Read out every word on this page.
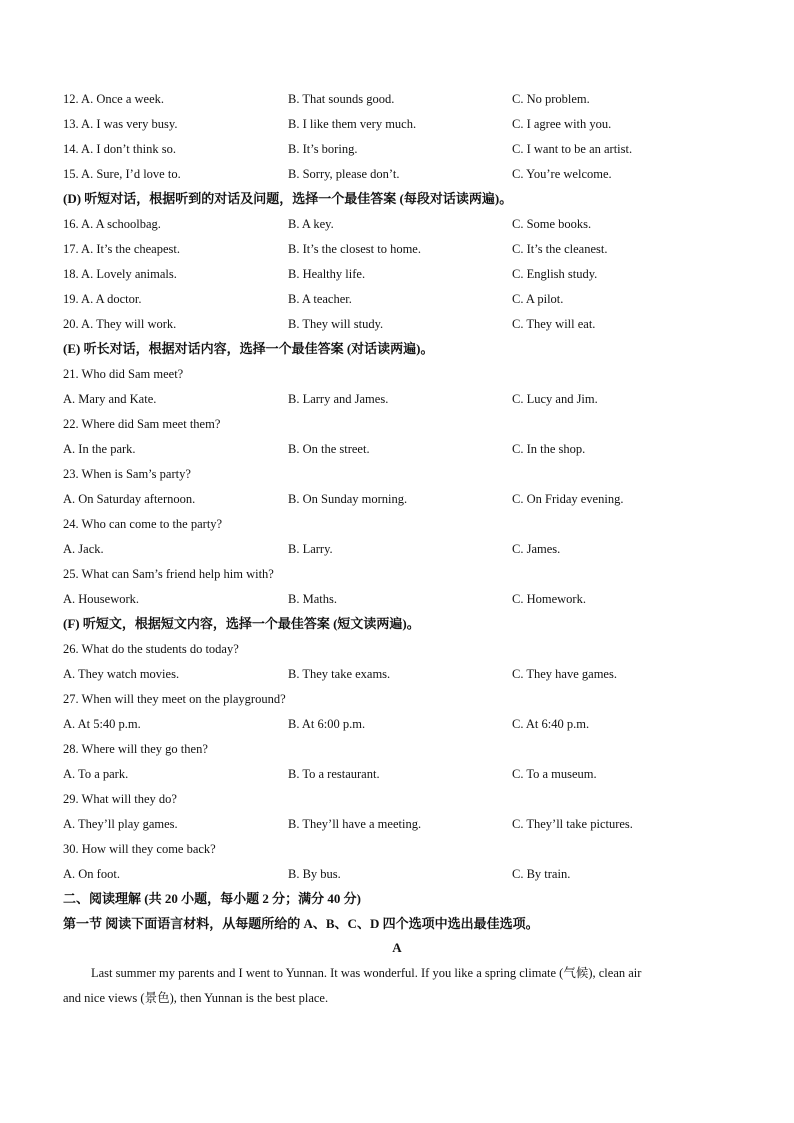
12. A. Once a week.	B. That sounds good.	C. No problem.
13. A. I was very busy.	B. I like them very much.	C. I agree with you.
14. A. I don’t think so.	B. It’s boring.	C. I want to be an artist.
15. A. Sure, I’d love to.	B. Sorry, please don’t.	C. You’re welcome.
(D) 听短对话，根据听到的对话及问题，选择一个最佳答案 (每段对话读两遍)。
16. A. A schoolbag.	B. A key.	C. Some books.
17. A. It’s the cheapest.	B. It’s the closest to home.	C. It’s the cleanest.
18. A. Lovely animals.	B. Healthy life.	C. English study.
19. A. A doctor.	B. A teacher.	C. A pilot.
20. A. They will work.	B. They will study.	C. They will eat.
(E) 听长对话，根据对话内容，选择一个最佳答案 (对话读两遍)。
21. Who did Sam meet?
A. Mary and Kate.	B. Larry and James.	C. Lucy and Jim.
22. Where did Sam meet them?
A. In the park.	B. On the street.	C. In the shop.
23. When is Sam’s party?
A. On Saturday afternoon.	B. On Sunday morning.	C. On Friday evening.
24. Who can come to the party?
A. Jack.	B. Larry.	C. James.
25. What can Sam’s friend help him with?
A. Housework.	B. Maths.	C. Homework.
(F) 听短文，根据短文内容，选择一个最佳答案 (短文读两遍)。
26. What do the students do today?
A. They watch movies.	B. They take exams.	C. They have games.
27. When will they meet on the playground?
A. At 5:40 p.m.	B. At 6:00 p.m.	C. At 6:40 p.m.
28. Where will they go then?
A. To a park.	B. To a restaurant.	C. To a museum.
29. What will they do?
A. They’ll play games.	B. They’ll have a meeting.	C. They’ll take pictures.
30. How will they come back?
A. On foot.	B. By bus.	C. By train.
二、阅读理解 (共 20 小题，每小题 2 分；满分 40 分)
第一节 阅读下面语言材料，从每题所给的 A、B、C、D 四个选项中选出最佳选项。
A
Last summer my parents and I went to Yunnan. It was wonderful. If you like a spring climate (气候), clean air
and nice views (景色), then Yunnan is the best place.
